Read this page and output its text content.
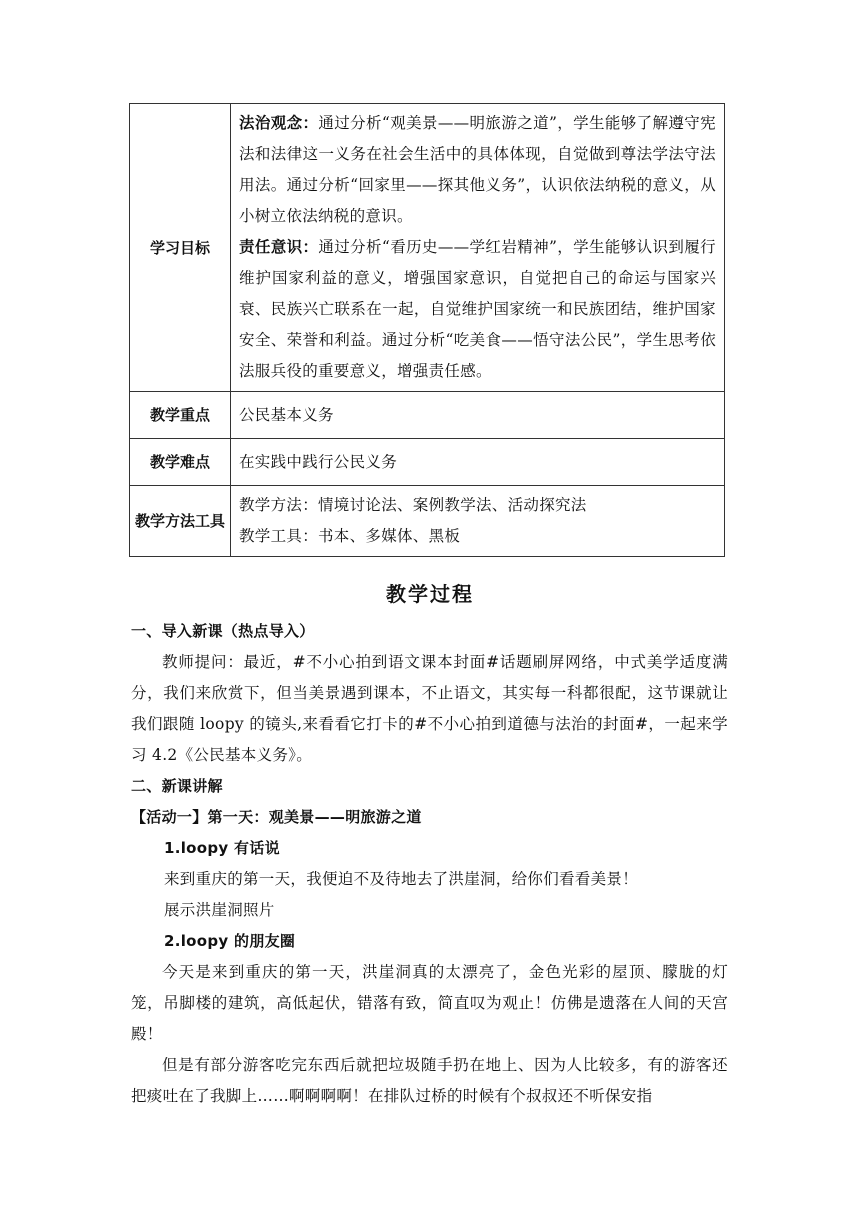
学习目标	法治观念：通过分析“观美景——明旅游之道”，学生能够了解遵守宪法和法律这一义务在社会生活中的具体体现，自觉做到尊法学法守法用法。通过分析“回家里——探其他义务”，认识依法纳税的意义，从小树立依法纳税的意识。

责任意识：通过分析“看历史——学红岩精神”，学生能够认识到履行维护国家利益的意义，增强国家意识，自觉把自己的命运与国家兴衰、民族兴亡联系在一起，自觉维护国家统一和民族团结，维护国家安全、荣誉和利益。通过分析“吃美食——悟守法公民”，学生思考依法服兵役的重要意义，增强责任感。

教学重点	公民基本义务
教学难点	在实践中践行公民义务
教学方法工具	教学方法：情境讨论法、案例教学法、活动探究法
教学工具：书本、多媒体、黑板
教学过程

一、导入新课（热点导入）

教师提问：最近，#不小心拍到语文课本封面#话题刷屏网络，中式美学适度满分，我们来欣赏下，但当美景遇到课本，不止语文，其实每一科都很配，这节课就让我们跟随 loopy 的镜头,来看看它打卡的#不小心拍到道德与法治的封面#，一起来学习 4.2《公民基本义务》。

二、新课讲解

【活动一】第一天：观美景——明旅游之道

1.loopy 有话说

来到重庆的第一天，我便迫不及待地去了洪崖洞，给你们看看美景！

展示洪崖洞照片

2.loopy 的朋友圈

今天是来到重庆的第一天，洪崖洞真的太漂亮了，金色光彩的屋顶、朦胧的灯笼，吊脚楼的建筑，高低起伏，错落有致，简直叹为观止！仿佛是遗落在人间的天宫殿！

但是有部分游客吃完东西后就把垃圾随手扔在地上、因为人比较多，有的游客还把痰吐在了我脚上……啊啊啊啊！在排队过桥的时候有个叔叔还不听保安指
